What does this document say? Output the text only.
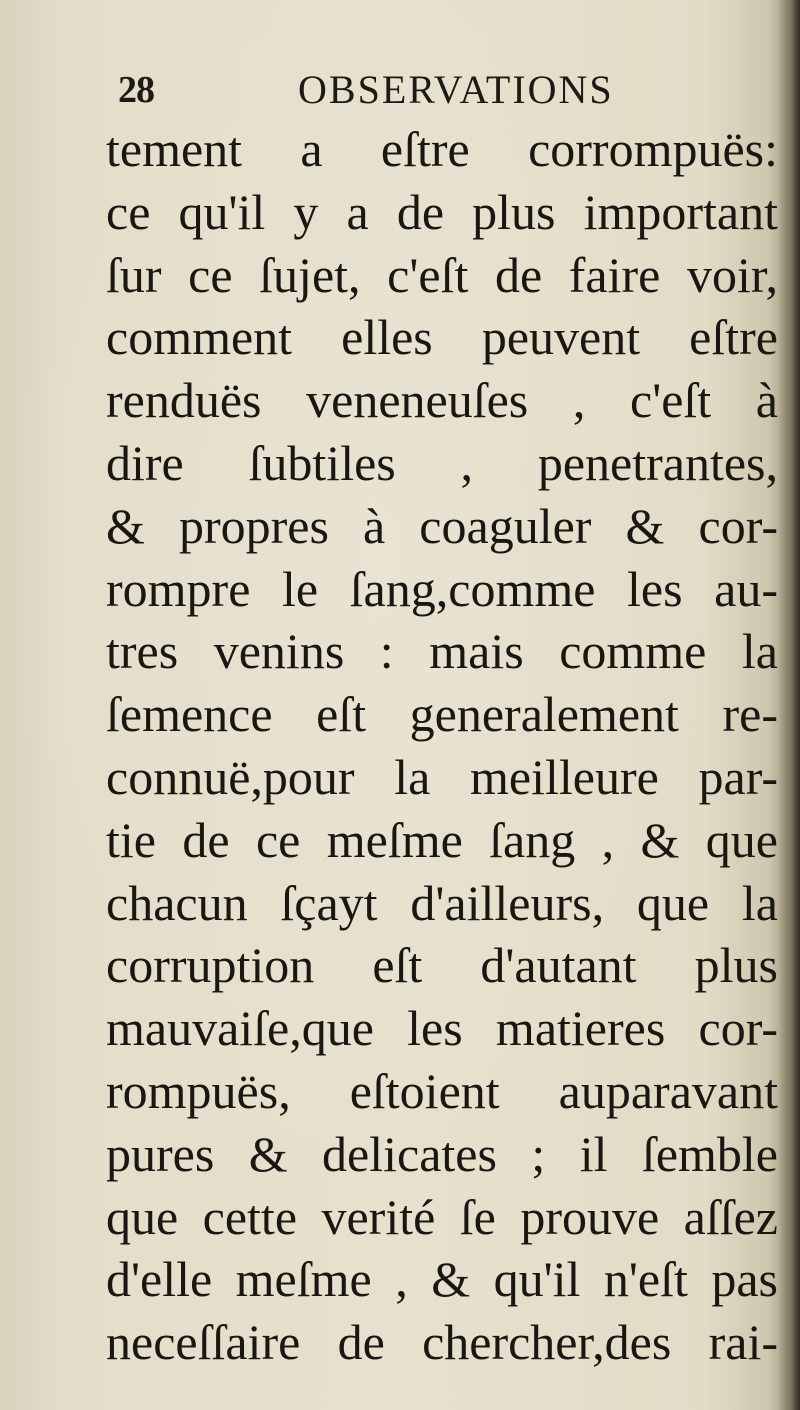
28	OBSERVATIONS
tement a eſtre corrompuës:
ce qu'il y a de plus important
ſur ce ſujet, c'eſt de faire voir,
comment elles peuvent eſtre
renduës veneneuſes , c'eſt à
dire ſubtiles , penetrantes,
& propres à coaguler & cor-
rompre le ſang,comme les au-
tres venins : mais comme la
ſemence eſt generalement re-
connuë,pour la meilleure par-
tie de ce meſme ſang , & que
chacun ſçayt d'ailleurs, que la
corruption eſt d'autant plus
mauvaiſe,que les matieres cor-
rompuës, eſtoient auparavant
pures & delicates ; il ſemble
que cette verité ſe prouve aſſez
d'elle meſme , & qu'il n'eſt pas
neceſſaire de chercher,des rai-
